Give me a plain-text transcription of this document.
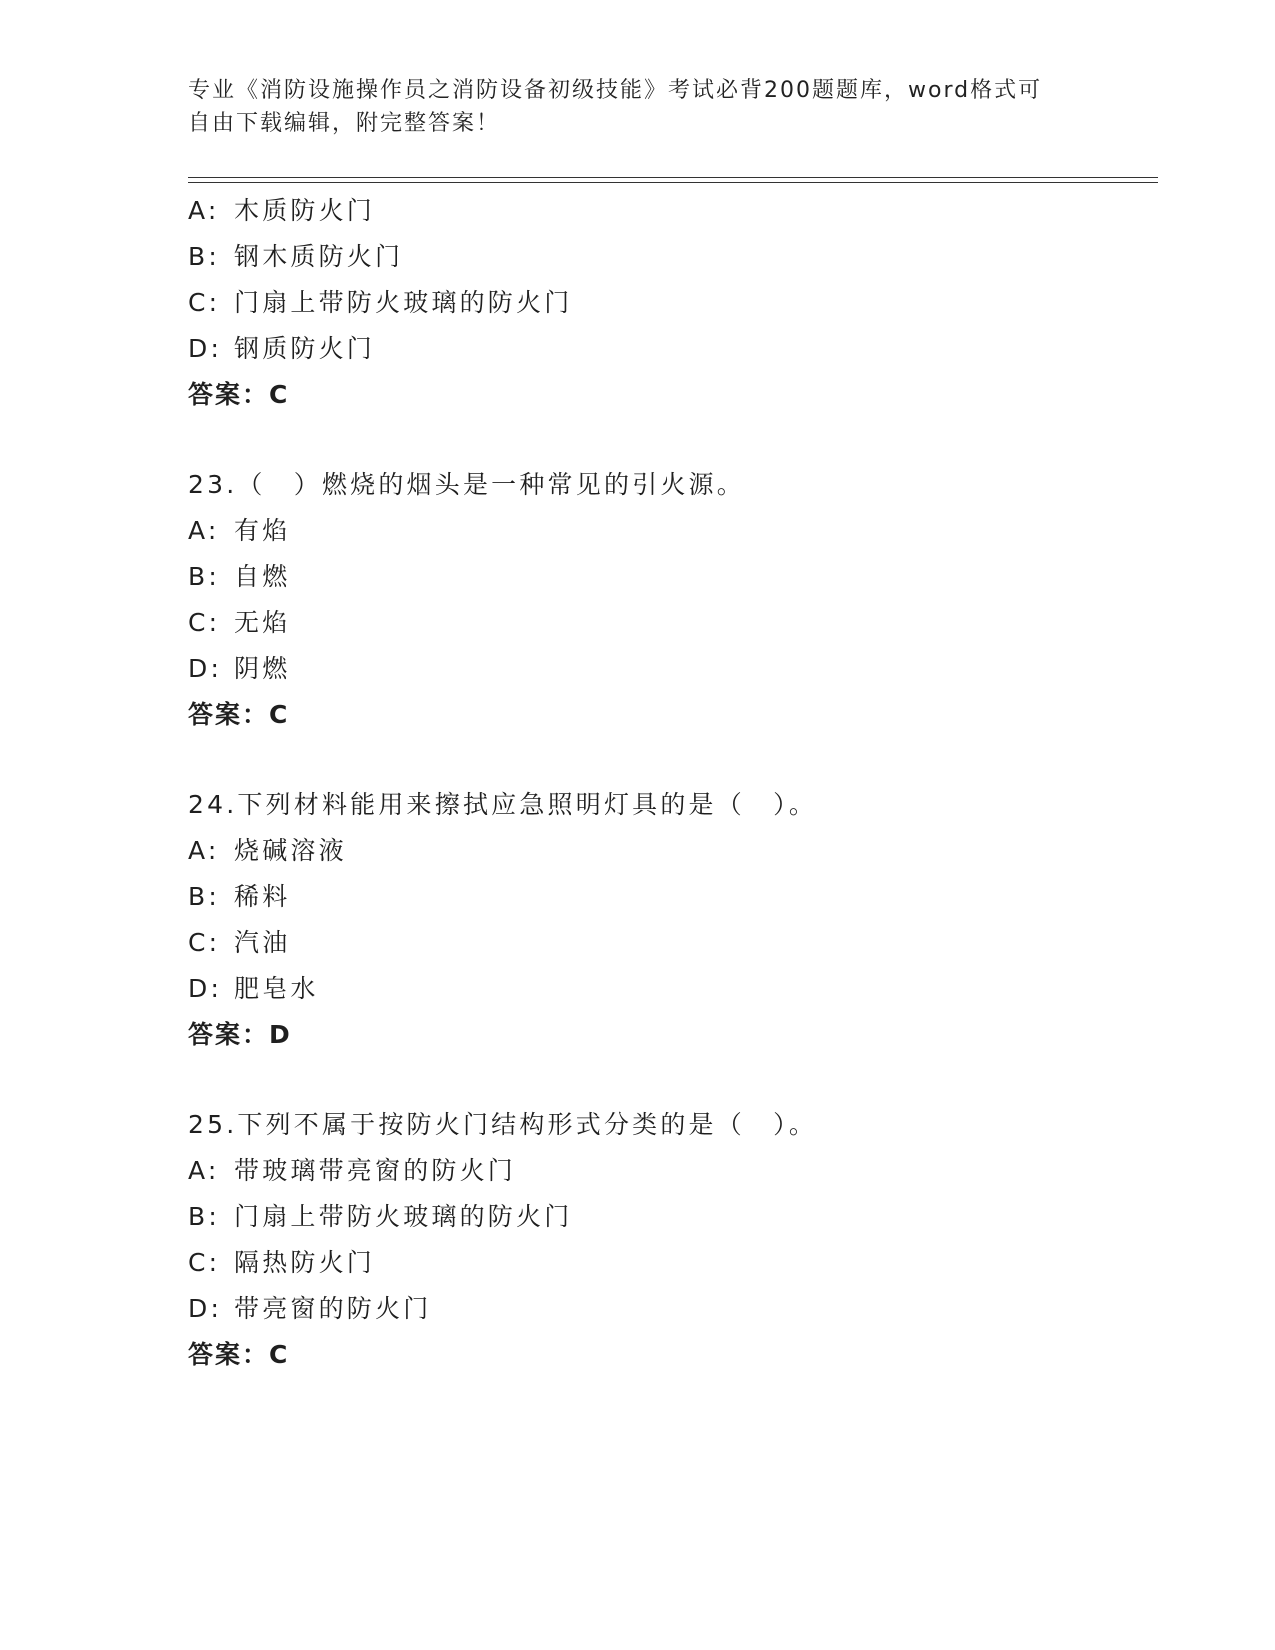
专业《消防设施操作员之消防设备初级技能》考试必背200题题库，word格式可
自由下载编辑，附完整答案！
A: 木质防火门
B: 钢木质防火门
C: 门扇上带防火玻璃的防火门
D: 钢质防火门
答案：C
23.（　）燃烧的烟头是一种常见的引火源。
A: 有焰
B: 自燃
C: 无焰
D: 阴燃
答案：C
24.下列材料能用来擦拭应急照明灯具的是（　）。
A: 烧碱溶液
B: 稀料
C: 汽油
D: 肥皂水
答案：D
25.下列不属于按防火门结构形式分类的是（　）。
A: 带玻璃带亮窗的防火门
B: 门扇上带防火玻璃的防火门
C: 隔热防火门
D: 带亮窗的防火门
答案：C
